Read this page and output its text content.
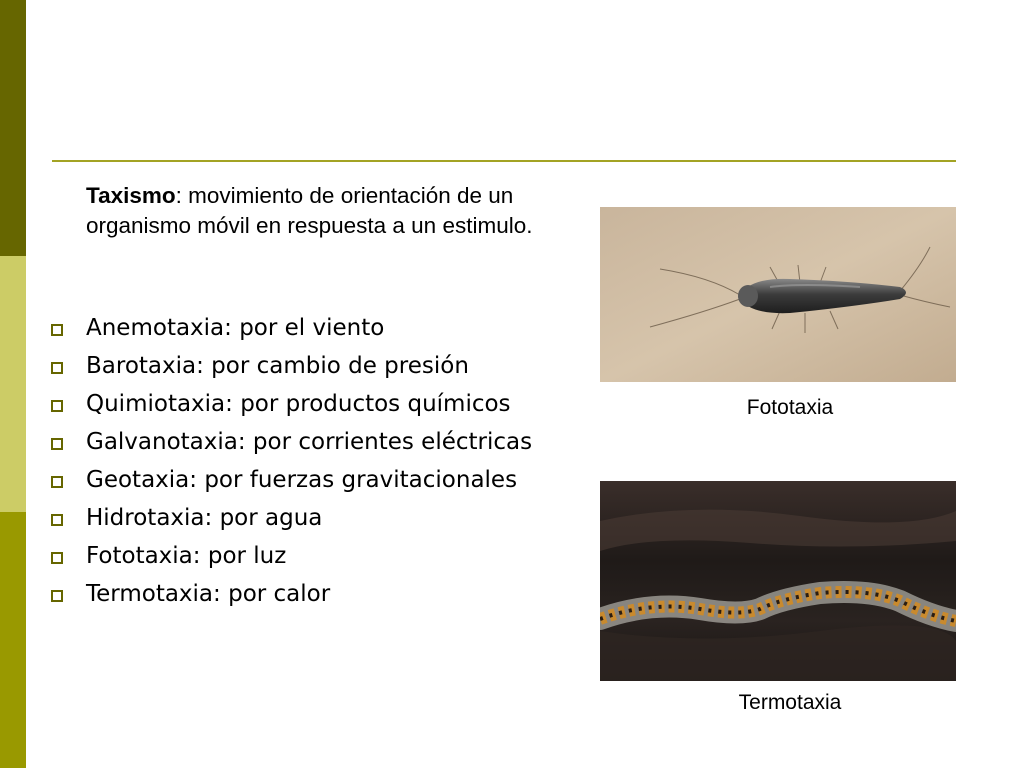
Taxismo: movimiento de orientación de un organismo móvil en respuesta a un estimulo.
Anemotaxia: por el viento
Barotaxia: por cambio de presión
Quimiotaxia: por productos químicos
Galvanotaxia: por corrientes eléctricas
Geotaxia: por fuerzas gravitacionales
Hidrotaxia: por agua
Fototaxia: por luz
Termotaxia: por calor
Fototaxia
Termotaxia
